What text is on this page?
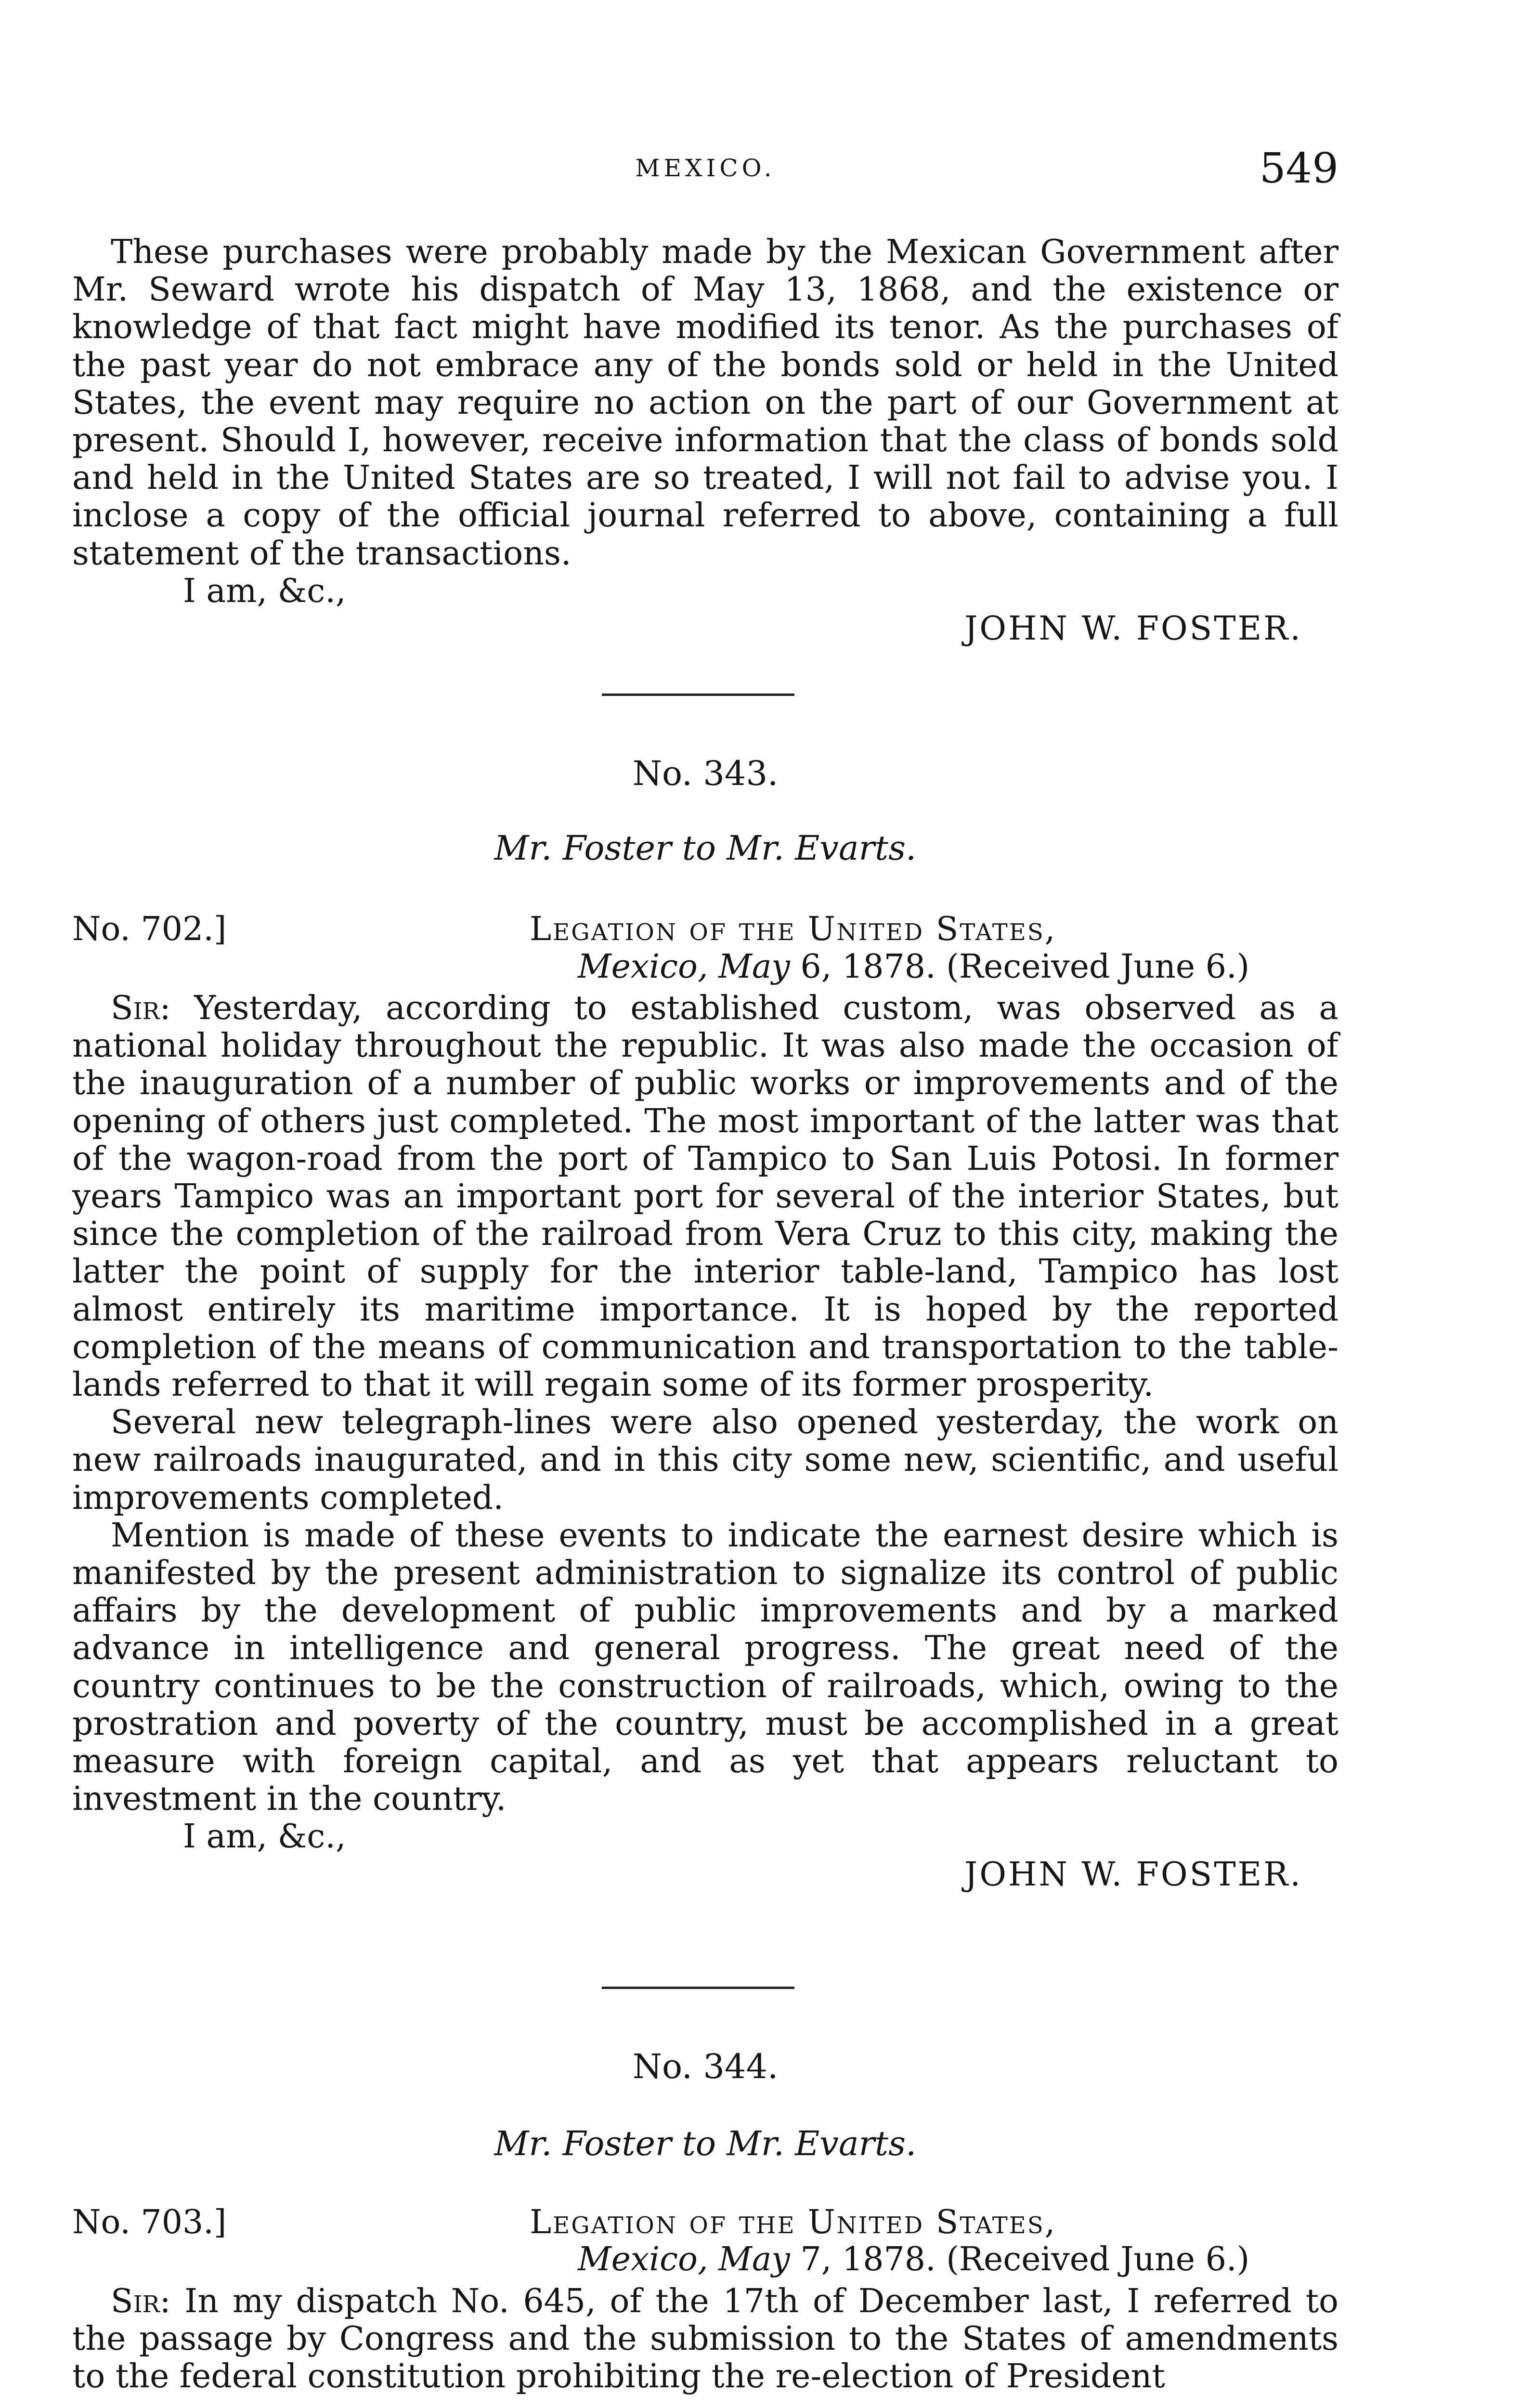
MEXICO.	549

These purchases were probably made by the Mexican Government after Mr. Seward wrote his dispatch of May 13, 1868, and the existence or knowledge of that fact might have modified its tenor. As the purchases of the past year do not embrace any of the bonds sold or held in the United States, the event may require no action on the part of our Government at present. Should I, however, receive information that the class of bonds sold and held in the United States are so treated, I will not fail to advise you. I inclose a copy of the official journal referred to above, containing a full statement of the transactions.

I am, &c.,

JOHN W. FOSTER.

No. 343.
Mr. Foster to Mr. Evarts.
No. 702.]	Legation of the United States,
Mexico, May 6, 1878. (Received June 6.)

Sir: Yesterday, according to established custom, was observed as a national holiday throughout the republic. It was also made the occasion of the inauguration of a number of public works or improvements and of the opening of others just completed. The most important of the latter was that of the wagon-road from the port of Tampico to San Luis Potosi. In former years Tampico was an important port for several of the interior States, but since the completion of the railroad from Vera Cruz to this city, making the latter the point of supply for the interior table-land, Tampico has lost almost entirely its maritime importance. It is hoped by the reported completion of the means of communication and transportation to the table-lands referred to that it will regain some of its former prosperity.

Several new telegraph-lines were also opened yesterday, the work on new railroads inaugurated, and in this city some new, scientific, and useful improvements completed.

Mention is made of these events to indicate the earnest desire which is manifested by the present administration to signalize its control of public affairs by the development of public improvements and by a marked advance in intelligence and general progress. The great need of the country continues to be the construction of railroads, which, owing to the prostration and poverty of the country, must be accomplished in a great measure with foreign capital, and as yet that appears reluctant to investment in the country.

I am, &c.,

JOHN W. FOSTER.

No. 344.
Mr. Foster to Mr. Evarts.
No. 703.]	Legation of the United States,
Mexico, May 7, 1878. (Received June 6.)

Sir: In my dispatch No. 645, of the 17th of December last, I referred to the passage by Congress and the submission to the States of amendments to the federal constitution prohibiting the re-election of President
